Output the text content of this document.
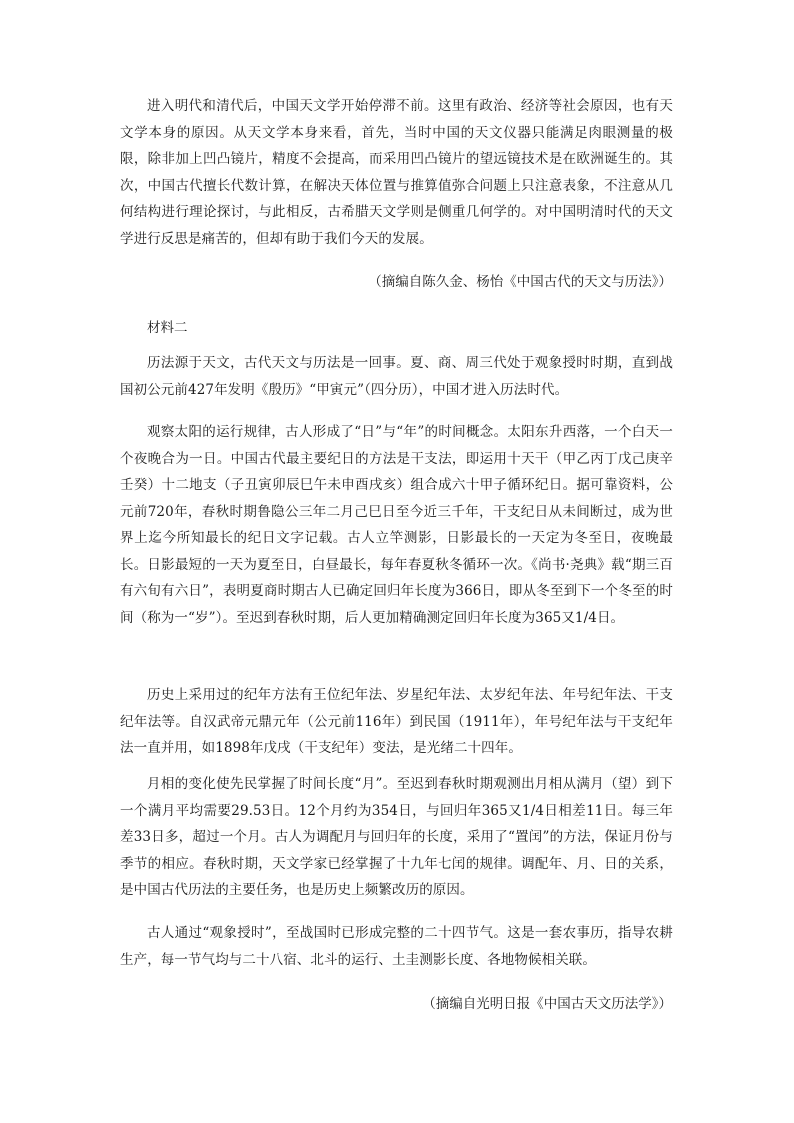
进入明代和清代后，中国天文学开始停滞不前。这里有政治、经济等社会原因，也有天文学本身的原因。从天文学本身来看，首先，当时中国的天文仪器只能满足肉眼测量的极限，除非加上凹凸镜片，精度不会提高，而采用凹凸镜片的望远镜技术是在欧洲诞生的。其次，中国古代擅长代数计算，在解决天体位置与推算值弥合问题上只注意表象，不注意从几何结构进行理论探讨，与此相反，古希腊天文学则是侧重几何学的。对中国明清时代的天文学进行反思是痛苦的，但却有助于我们今天的发展。

（摘编自陈久金、杨怡《中国古代的天文与历法》）

材料二

历法源于天文，古代天文与历法是一回事。夏、商、周三代处于观象授时时期，直到战国初公元前427年发明《殷历》“甲寅元”（四分历），中国才进入历法时代。

观察太阳的运行规律，古人形成了“日”与“年”的时间概念。太阳东升西落，一个白天一个夜晚合为一日。中国古代最主要纪日的方法是干支法，即运用十天干（甲乙丙丁戊己庚辛壬癸）十二地支（子丑寅卯辰巳午未申酉戌亥）组合成六十甲子循环纪日。据可靠资料，公元前720年，春秋时期鲁隐公三年二月己巳日至今近三千年，干支纪日从未间断过，成为世界上迄今所知最长的纪日文字记载。古人立竿测影，日影最长的一天定为冬至日，夜晚最长。日影最短的一天为夏至日，白昼最长，每年春夏秋冬循环一次。《尚书·尧典》载“期三百有六旬有六日”，表明夏商时期古人已确定回归年长度为366日，即从冬至到下一个冬至的时间（称为一“岁”）。至迟到春秋时期，后人更加精确测定回归年长度为365又1/4日。

历史上采用过的纪年方法有王位纪年法、岁星纪年法、太岁纪年法、年号纪年法、干支纪年法等。自汉武帝元鼎元年（公元前116年）到民国（1911年），年号纪年法与干支纪年法一直并用，如1898年戊戌（干支纪年）变法，是光绪二十四年。

月相的变化使先民掌握了时间长度“月”。至迟到春秋时期观测出月相从满月（望）到下一个满月平均需要29.53日。12个月约为354日，与回归年365又1/4日相差11日。每三年差33日多，超过一个月。古人为调配月与回归年的长度，采用了“置闰”的方法，保证月份与季节的相应。春秋时期，天文学家已经掌握了十九年七闰的规律。调配年、月、日的关系，是中国古代历法的主要任务，也是历史上频繁改历的原因。

古人通过“观象授时”，至战国时已形成完整的二十四节气。这是一套农事历，指导农耕生产，每一节气均与二十八宿、北斗的运行、土圭测影长度、各地物候相关联。

（摘编自光明日报《中国古天文历法学》）
